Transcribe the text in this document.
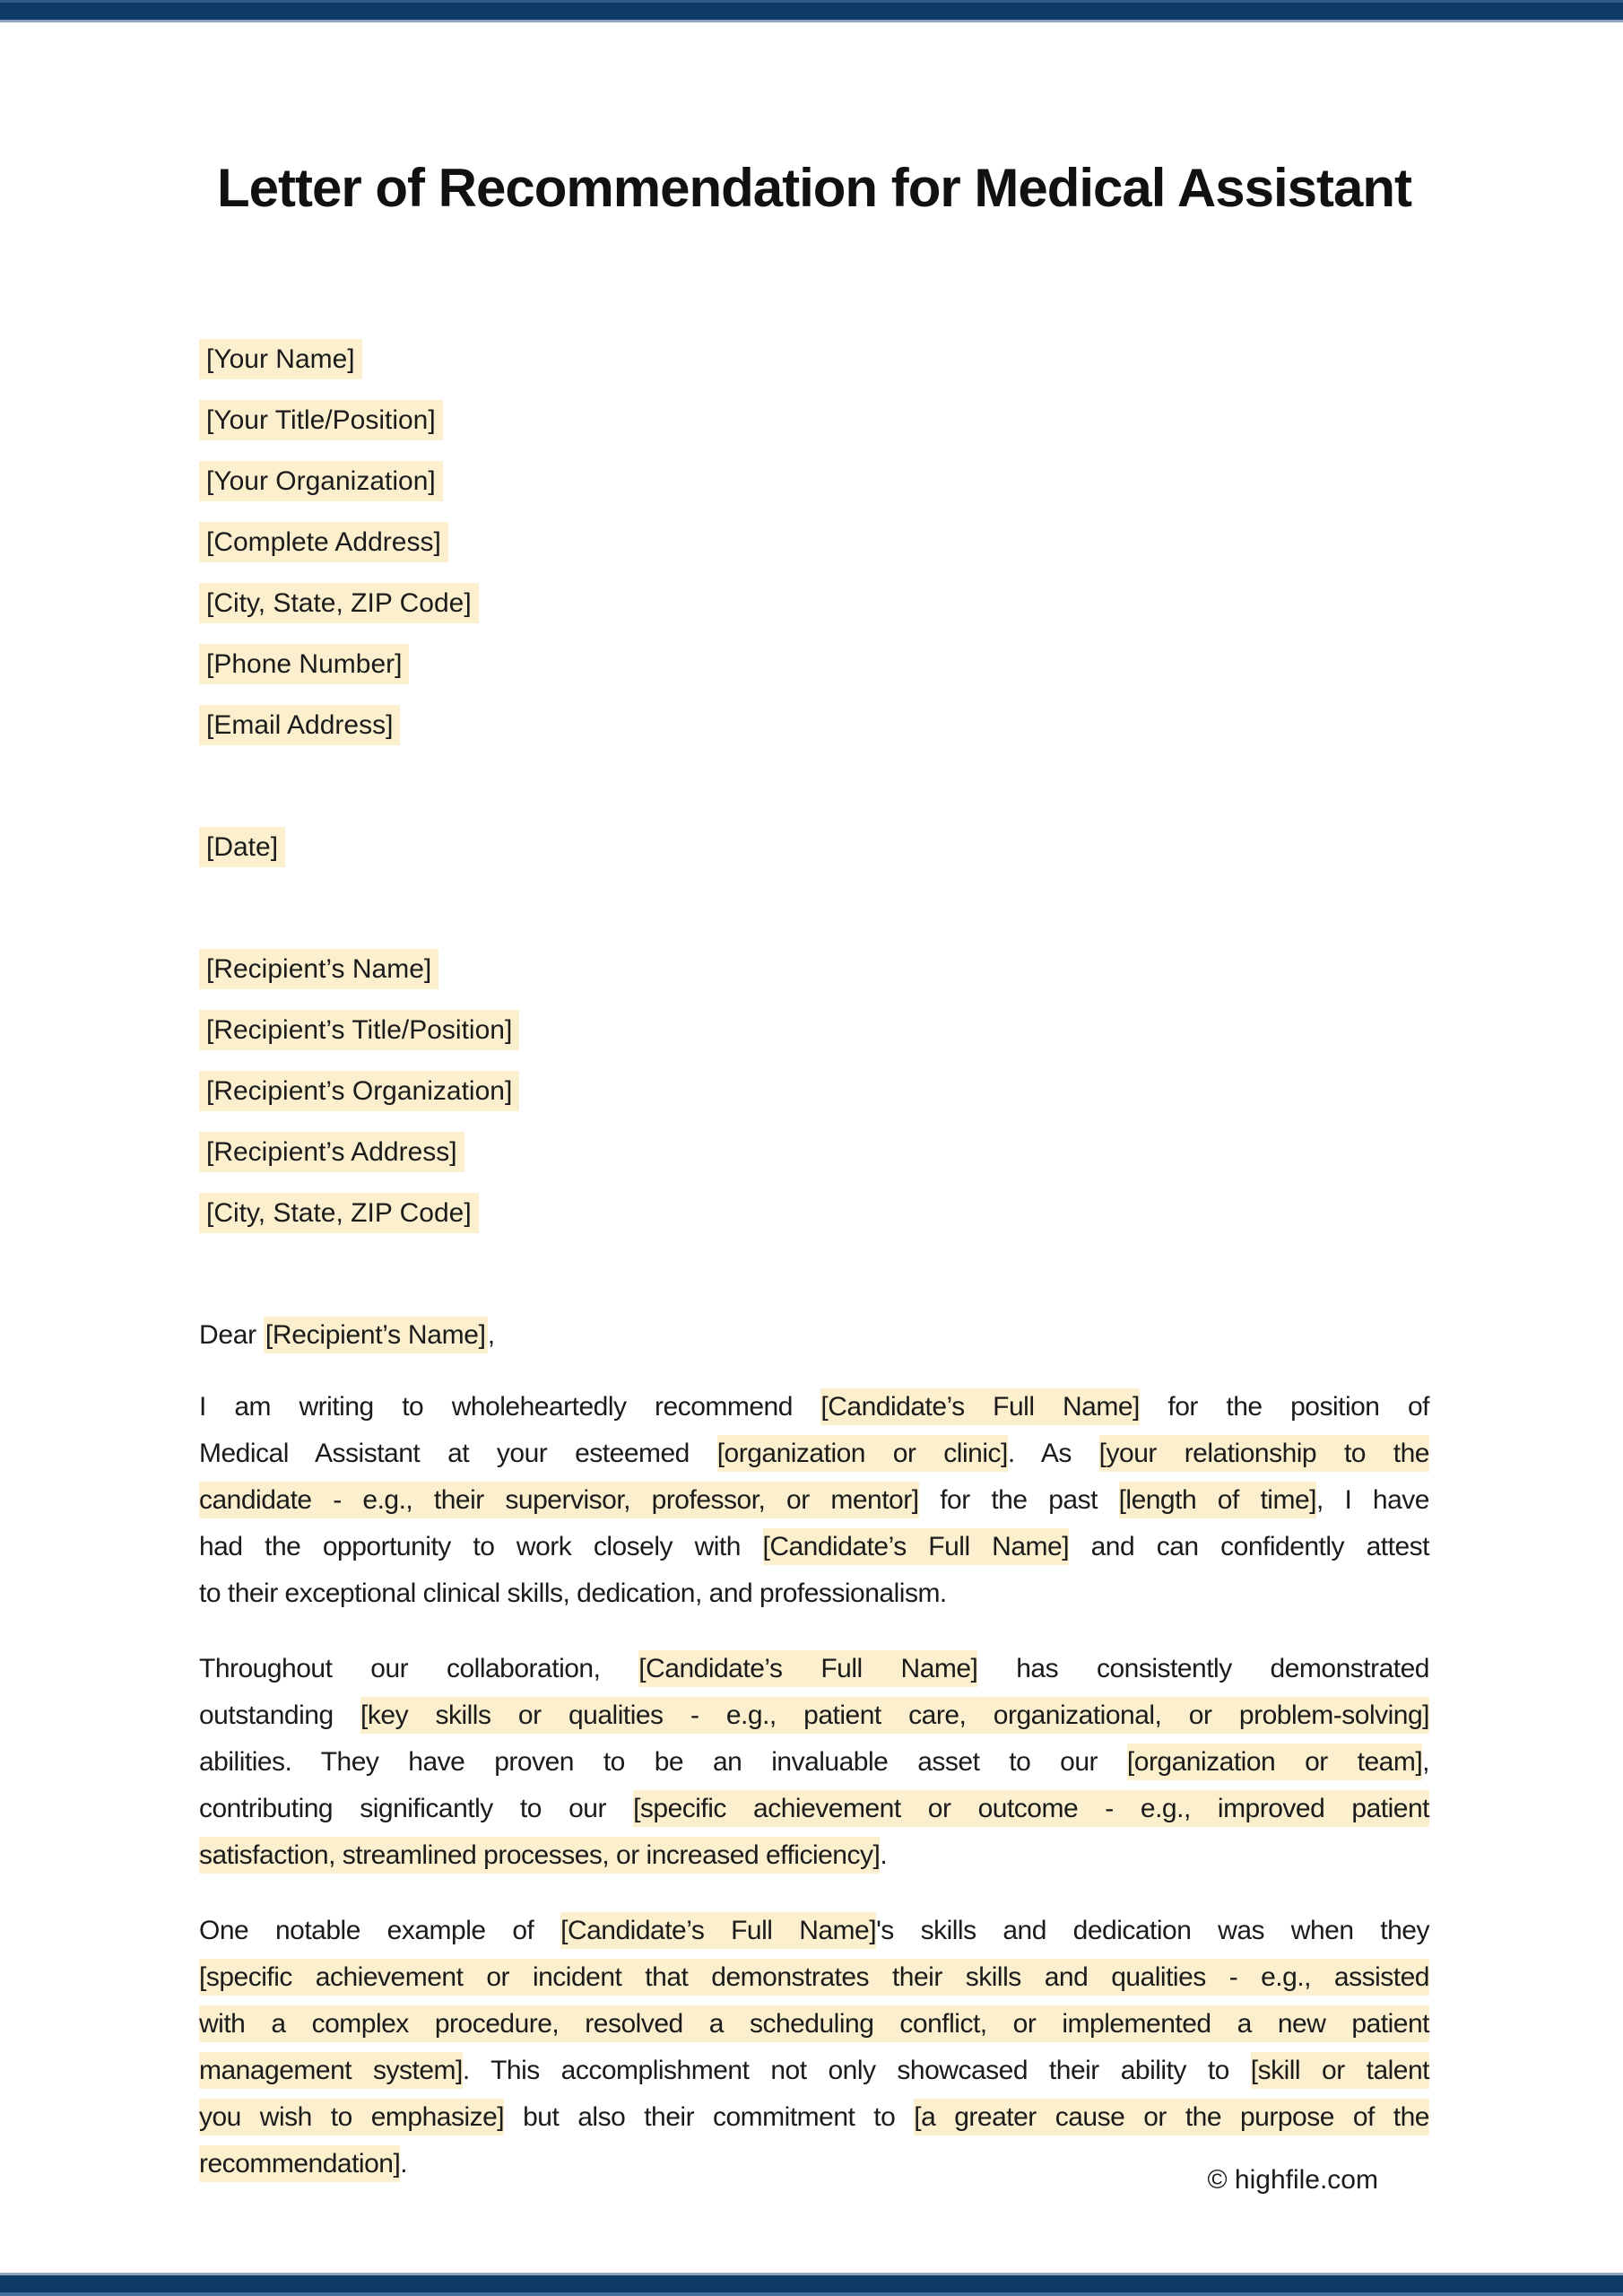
Letter of Recommendation for Medical Assistant
[Your Name]
[Your Title/Position]
[Your Organization]
[Complete Address]
[City, State, ZIP Code]
[Phone Number]
[Email Address]
[Date]
[Recipient’s Name]
[Recipient’s Title/Position]
[Recipient’s Organization]
[Recipient’s Address]
[City, State, ZIP Code]
Dear [Recipient’s Name],
I am writing to wholeheartedly recommend [Candidate’s Full Name] for the position of
Medical Assistant at your esteemed [organization or clinic]. As [your relationship to the
candidate - e.g., their supervisor, professor, or mentor] for the past [length of time], I have
had the opportunity to work closely with [Candidate’s Full Name] and can confidently attest
to their exceptional clinical skills, dedication, and professionalism.
Throughout our collaboration, [Candidate’s Full Name] has consistently demonstrated
outstanding [key skills or qualities - e.g., patient care, organizational, or problem-solving]
abilities. They have proven to be an invaluable asset to our [organization or team],
contributing significantly to our [specific achievement or outcome - e.g., improved patient
satisfaction, streamlined processes, or increased efficiency].
One notable example of [Candidate’s Full Name]'s skills and dedication was when they
[specific achievement or incident that demonstrates their skills and qualities - e.g., assisted
with a complex procedure, resolved a scheduling conflict, or implemented a new patient
management system]. This accomplishment not only showcased their ability to [skill or talent
you wish to emphasize] but also their commitment to [a greater cause or the purpose of the
recommendation].
© highfile.com
